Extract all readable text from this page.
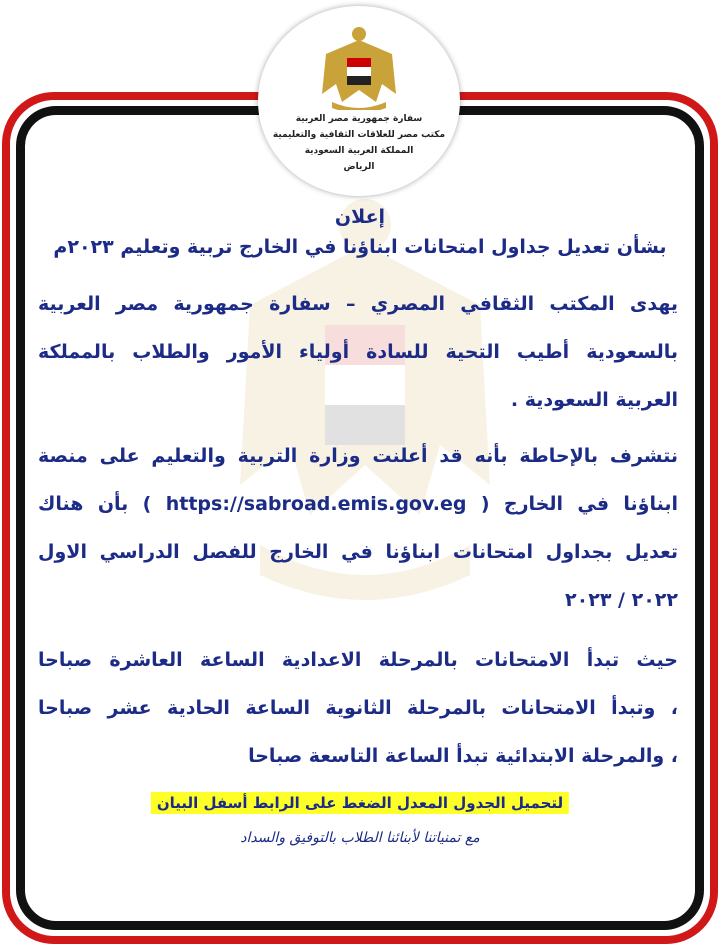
سفارة جمهورية مصر العربية
مكتب مصر للعلاقات الثقافية والتعليمية
المملكة العربية السعودية
الرياض
إعلان
بشأن تعديل جداول امتحانات ابناؤنا في الخارج تربية وتعليم ٢٠٢٣م
يهدى المكتب الثقافي المصري – سفارة جمهورية مصر العربية
بالسعودية أطيب التحية للسادة أولياء الأمور والطلاب بالمملكة
العربية السعودية .
نتشرف بالإحاطة بأنه قد أعلنت وزارة التربية والتعليم على منصة
ابناؤنا في الخارج ( https://sabroad.emis.gov.eg ) بأن هناك
تعديل بجداول امتحانات ابناؤنا في الخارج للفصل الدراسي الاول
٢٠٢٢ / ٢٠٢٣
حيث تبدأ الامتحانات بالمرحلة الاعدادية الساعة العاشرة صباحا
، وتبدأ الامتحانات بالمرحلة الثانوية الساعة الحادية عشر صباحا
، والمرحلة الابتدائية تبدأ الساعة التاسعة صباحا
لتحميل الجدول المعدل الضغط على الرابط أسفل البيان
مع تمنياتنا لأبنائنا الطلاب بالتوفيق والسداد
